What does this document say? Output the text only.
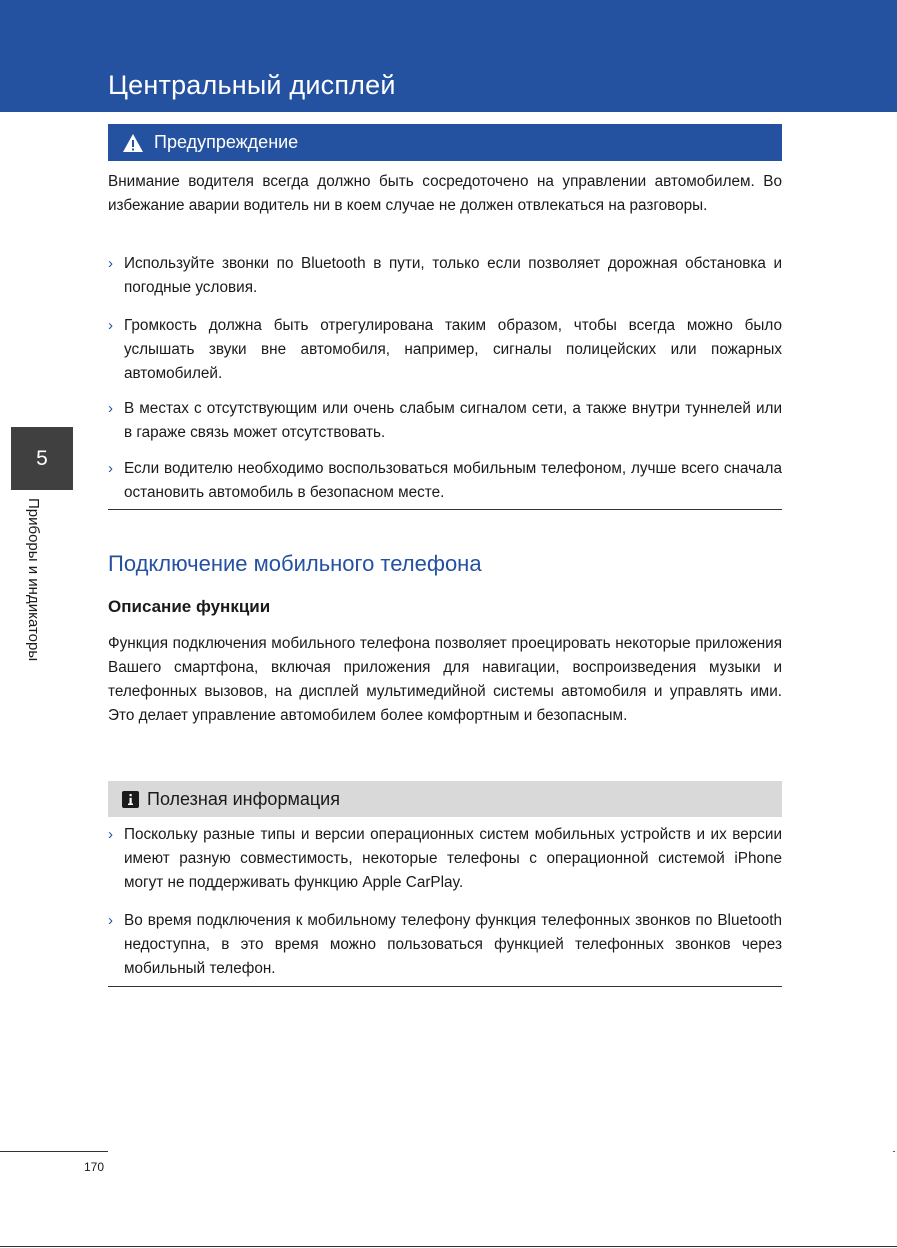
Центральный дисплей
Предупреждение

Внимание водителя всегда должно быть сосредоточено на управлении автомобилем. Во избежание аварии водитель ни в коем случае не должен отвлекаться на разговоры.

› Используйте звонки по Bluetooth в пути, только если позволяет дорожная обстановка и погодные условия.
› Громкость должна быть отрегулирована таким образом, чтобы всегда можно было услышать звуки вне автомобиля, например, сигналы полицейских или пожарных автомобилей.
› В местах с отсутствующим или очень слабым сигналом сети, а также внутри туннелей или в гараже связь может отсутствовать.
› Если водителю необходимо воспользоваться мобильным телефоном, лучше всего сначала остановить автомобиль в безопасном месте.
Подключение мобильного телефона
Описание функции

Функция подключения мобильного телефона позволяет проецировать некоторые приложения Вашего смартфона, включая приложения для навигации, воспроизведения музыки и телефонных вызовов, на дисплей мультимедийной системы автомобиля и управлять ими. Это делает управление автомобилем более комфортным и безопасным.

Полезная информация
› Поскольку разные типы и версии операционных систем мобильных устройств и их версии имеют разную совместимость, некоторые телефоны с операционной системой iPhone могут не поддерживать функцию Apple CarPlay.
› Во время подключения к мобильному телефону функция телефонных звонков по Bluetooth недоступна, в это время можно пользоваться функцией телефонных звонков через мобильный телефон.
5
Приборы и индикаторы
170
